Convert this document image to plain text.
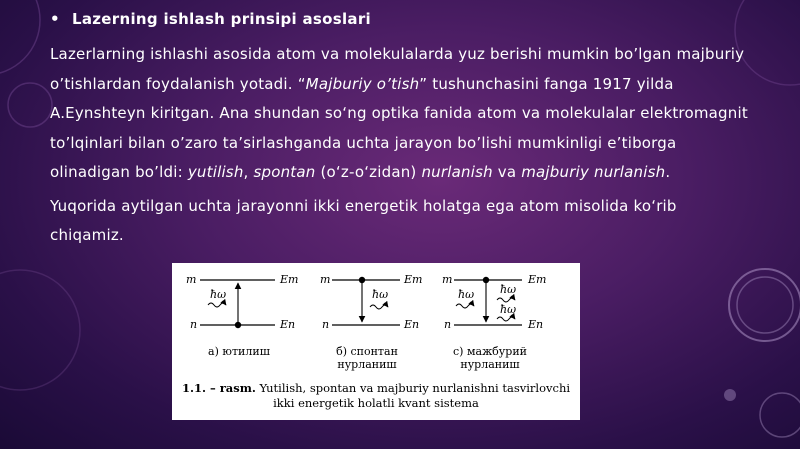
• Lazerning ishlash prinsipi asoslari

Lazerlarning ishlashi asosida atom va molekulalarda yuz berishi mumkin bo’lgan majburiy o’tishlardan foydalanish yotadi. “Majburiy o’tish” tushunchasini fanga 1917 yilda A.Eynshteyn kiritgan. Ana shundan so‘ng optika fanida atom va molekulalar elektromagnit to’lqinlari bilan o’zaro ta’sirlashganda uchta jarayon bo’lishi mumkinligi e’tiborga olinadigan bo’ldi: yutilish, spontan (o‘z-o‘zidan) nurlanish va majburiy nurlanish.

Yuqorida aytilgan uchta jarayonni ikki energetik holatga ega atom misolida ko‘rib chiqamiz.

m	Em
n	En
ħω
m	Em
n	En
ħω
m	Em
n	En
ħω ħω
ħω
а) ютилиш	б) спонтан
нурланиш
с) мажбурий
нурланиш
1.1. – rasm. Yutilish, spontan va majburiy nurlanishni tasvirlovchi ikki energetik holatli kvant sistema
